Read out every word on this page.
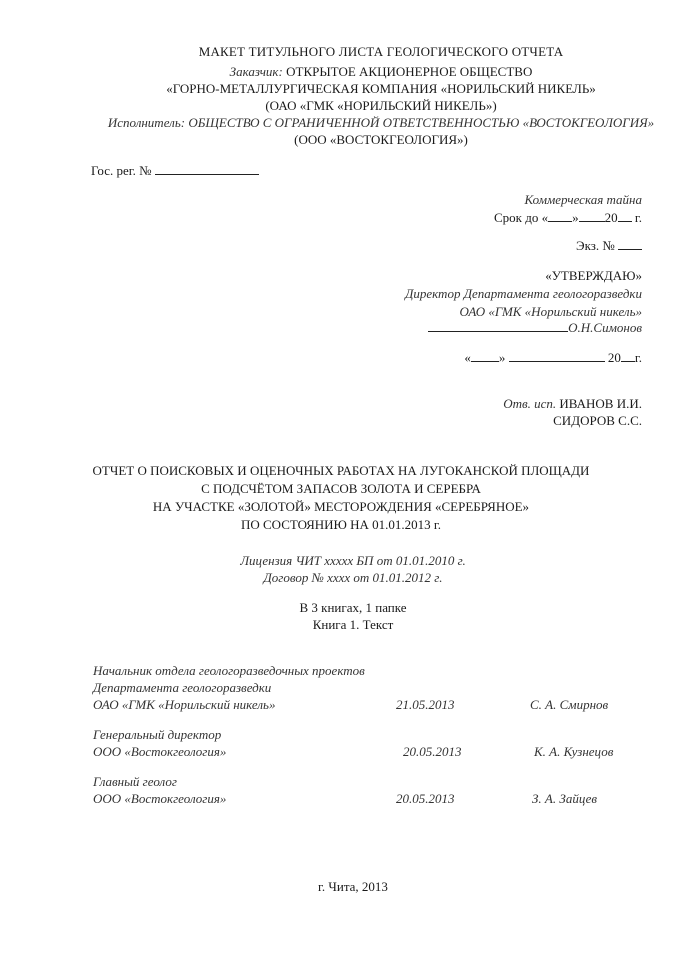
МАКЕТ ТИТУЛЬНОГО ЛИСТА ГЕОЛОГИЧЕСКОГО ОТЧЕТА
Заказчик: ОТКРЫТОЕ АКЦИОНЕРНОЕ ОБЩЕСТВО
«ГОРНО-МЕТАЛЛУРГИЧЕСКАЯ КОМПАНИЯ «НОРИЛЬСКИЙ НИКЕЛЬ»
(ОАО «ГМК «НОРИЛЬСКИЙ НИКЕЛЬ»)
Исполнитель: ОБЩЕСТВО С ОГРАНИЧЕННОЙ ОТВЕТСТВЕННОСТЬЮ «ВОСТОКГЕОЛОГИЯ»
(ООО «ВОСТОКГЕОЛОГИЯ»)
Гос. рег. №
Коммерческая тайна
Срок до « » 20 г.
Экз. №
«УТВЕРЖДАЮ»
Директор Департамента геологоразведки
ОАО «ГМК «Норильский никель»
О.Н.Симонов
« »	20 г.
Отв. исп. ИВАНОВ И.И.
СИДОРОВ С.С.
ОТЧЕТ О ПОИСКОВЫХ И ОЦЕНОЧНЫХ РАБОТАХ НА ЛУГОКАНСКОЙ ПЛОЩАДИ
С ПОДСЧЁТОМ ЗАПАСОВ ЗОЛОТА И СЕРЕБРА
НА УЧАСТКЕ «ЗОЛОТОЙ» МЕСТОРОЖДЕНИЯ «СЕРЕБРЯНОЕ»
ПО СОСТОЯНИЮ НА 01.01.2013 г.
Лицензия ЧИТ ххххх БП от 01.01.2010 г.
Договор № хххх от 01.01.2012 г.
В 3 книгах, 1 папке
Книга 1. Текст
Начальник отдела геологоразведочных проектов
Департамента геологоразведки
ОАО «ГМК «Норильский никель»	21.05.2013	С. А. Смирнов
Генеральный директор
ООО «Востокгеология»	20.05.2013	К. А. Кузнецов
Главный геолог
ООО «Востокгеология»	20.05.2013	З. А. Зайцев
г. Чита, 2013
